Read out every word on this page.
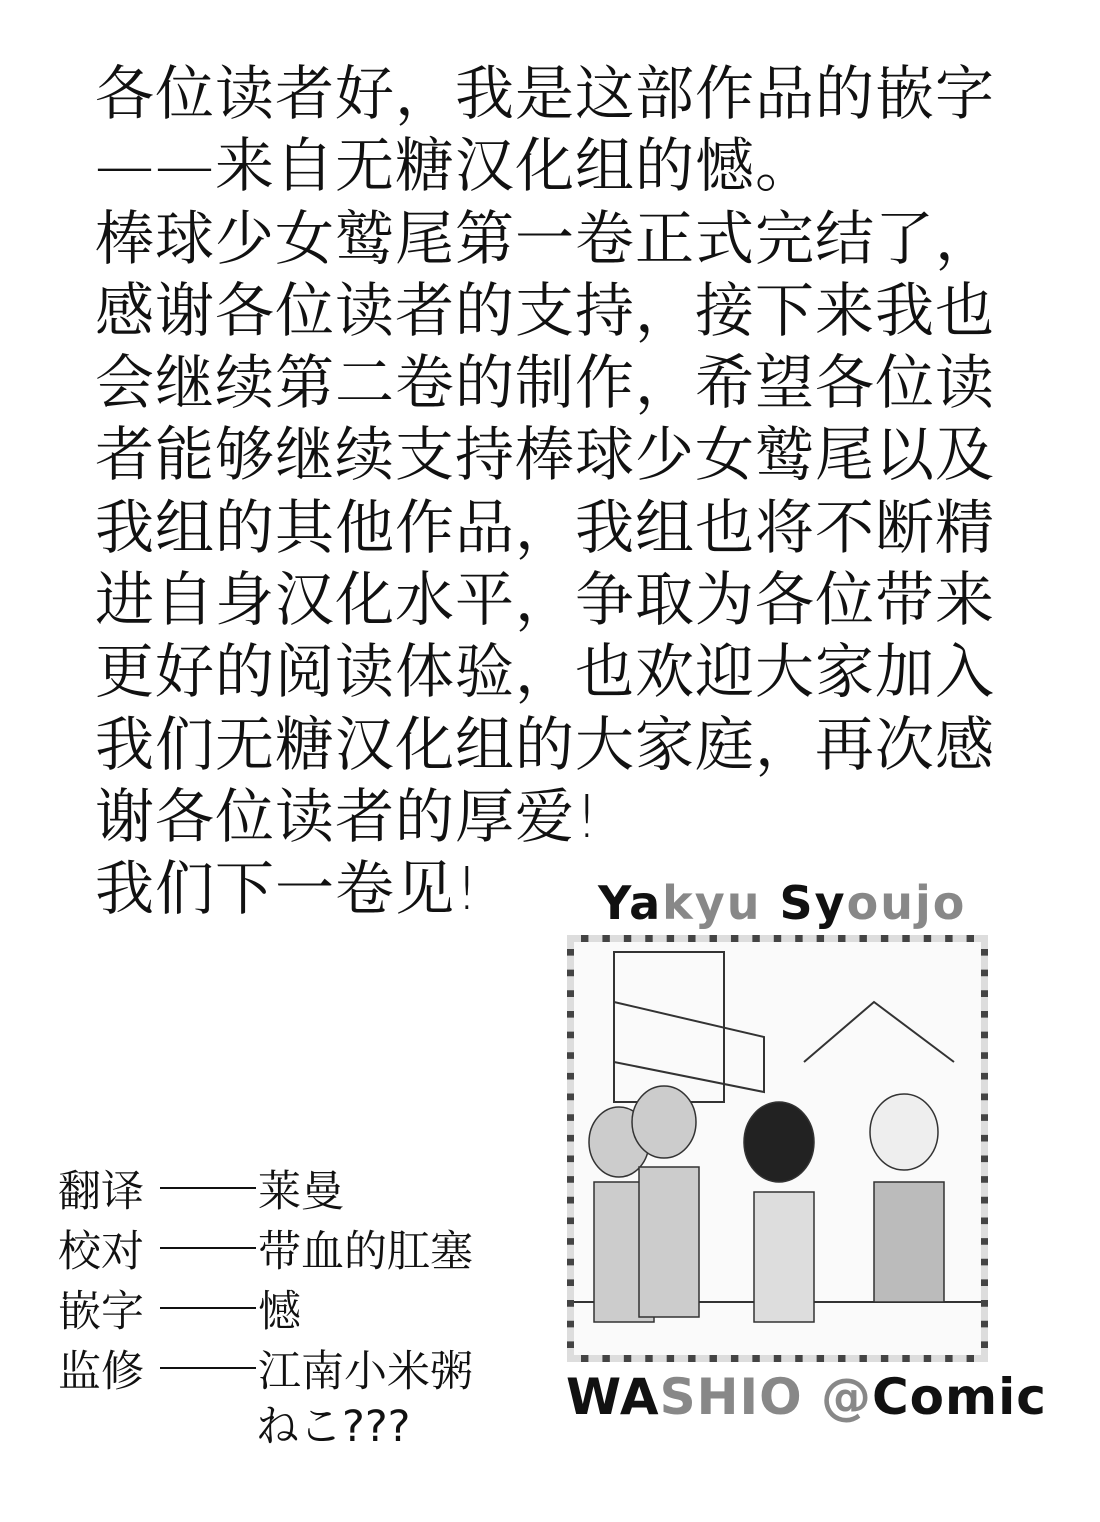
各位读者好，我是这部作品的嵌字
——来自无糖汉化组的憾。
棒球少女鹫尾第一卷正式完结了，
感谢各位读者的支持，接下来我也
会继续第二卷的制作，希望各位读
者能够继续支持棒球少女鹫尾以及
我组的其他作品，我组也将不断精
进自身汉化水平，争取为各位带来
更好的阅读体验，也欢迎大家加入
我们无糖汉化组的大家庭，再次感
谢各位读者的厚爱!
我们下一卷见!
翻译	莱曼
校对	带血的肛塞
嵌字	憾
监修	江南小米粥
ねこ???
Yakyu Syoujo
WASHIO @Comic
